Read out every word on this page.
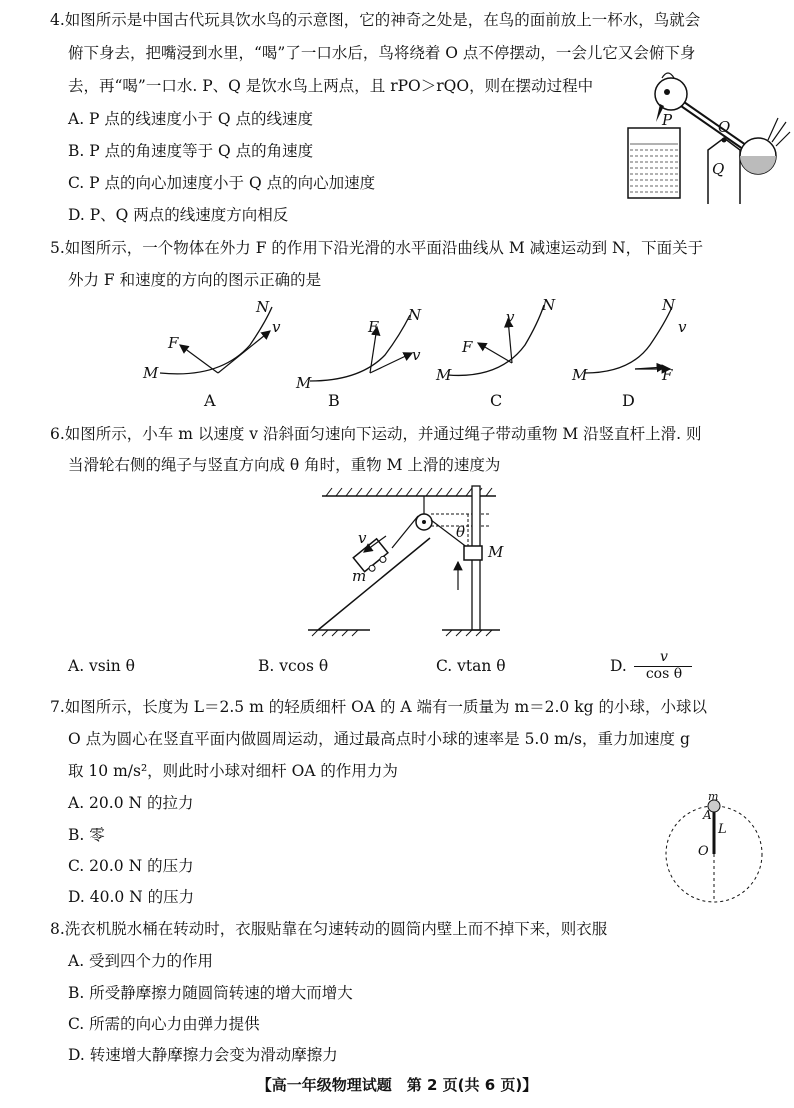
4.如图所示是中国古代玩具饮水鸟的示意图，它的神奇之处是，在鸟的面前放上一杯水，鸟就会
俯下身去，把嘴浸到水里，“喝”了一口水后，鸟将绕着 O 点不停摆动，一会儿它又会俯下身
去，再“喝”一口水. P、Q 是饮水鸟上两点，且 rPO＞rQO，则在摆动过程中
A. P 点的线速度小于 Q 点的线速度
B. P 点的角速度等于 Q 点的角速度
C. P 点的向心加速度小于 Q 点的向心加速度
D. P、Q 两点的线速度方向相反
P	O
Q
5.如图所示，一个物体在外力 F 的作用下沿光滑的水平面沿曲线从 M 减速运动到 N，下面关于
外力 F 和速度的方向的图示正确的是
M
N
F
v
A
M
N
F
v
B
M
N
F
v
C
M
N
F
v
D
6.如图所示，小车 m 以速度 v 沿斜面匀速向下运动，并通过绳子带动重物 M 沿竖直杆上滑. 则
当滑轮右侧的绳子与竖直方向成 θ 角时，重物 M 上滑的速度为
v
m
θ
M
A. vsin θ	B. vcos θ	C. vtan θ	D.	v
cos θ
7.如图所示，长度为 L＝2.5 m 的轻质细杆 OA 的 A 端有一质量为 m＝2.0 kg 的小球，小球以
O 点为圆心在竖直平面内做圆周运动，通过最高点时小球的速率是 5.0 m/s，重力加速度 g
取 10 m/s²，则此时小球对细杆 OA 的作用力为
A. 20.0 N 的拉力
B. 零
C. 20.0 N 的压力
D. 40.0 N 的压力
m
A
L
O
8.洗衣机脱水桶在转动时，衣服贴靠在匀速转动的圆筒内壁上而不掉下来，则衣服
A. 受到四个力的作用
B. 所受静摩擦力随圆筒转速的增大而增大
C. 所需的向心力由弹力提供
D. 转速增大静摩擦力会变为滑动摩擦力
【高一年级物理试题　第 2 页(共 6 页)】
